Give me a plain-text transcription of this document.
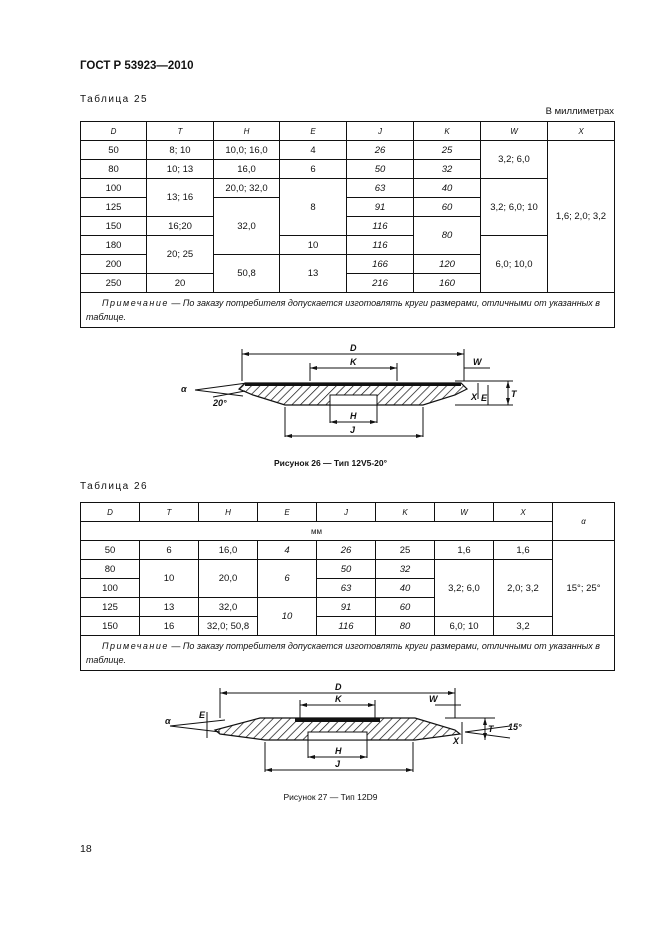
ГОСТ Р 53923—2010
Таблица 25
В миллиметрах
D	T	H	E	J	K	W	X
50	8; 10	10,0; 16,0	4	26	25	3,2; 6,0	1,6; 2,0; 3,2
80	10; 13	16,0	6	50	32		
100	13; 16	20,0; 32,0	8	63	40	3,2; 6,0; 10	
125		32,0		91	60		
150	16;20			116	80		
180	20; 25		10	116		6,0; 10,0	
200		50,8	13	166	120		
250	20			216	160		
Примечание — По заказу потребителя допускается изготовлять круги размерами, отличными от указанных в таблице.							
D
K	W
H
J
T
X E
α
20°
Рисунок 26 — Тип 12V5-20°
Таблица 26
D	T	H	E	J	K	W	X	α
мм								
50	6	16,0	4	26	25	1,6	1,6	15°; 25°
80	10	20,0	6	50	32	3,2; 6,0	2,0; 3,2	
100				63	40			
125	13	32,0	10	91	60			
150	16	32,0; 50,8		116	80	6,0; 10	3,2	
Примечание — По заказу потребителя допускается изготовлять круги размерами, отличными от указанных в таблице.								
D
K	W
H
J
T
X
E
α
15°
Рисунок 27 — Тип 12D9
18
